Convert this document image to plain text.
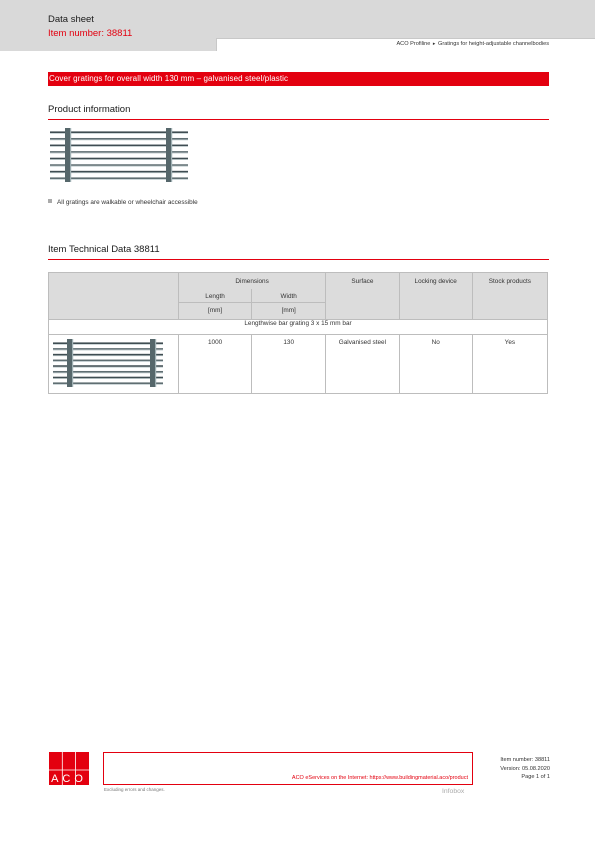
Data sheet
Item number: 38811
ACO Profiline ▸ Gratings for height-adjustable channelbodies
Cover gratings for overall width 130 mm – galvanised steel/plastic
Product information
All gratings are walkable or wheelchair accessible
Item Technical Data 38811
	Dimensions		Surface	Locking device	Stock products
	Length	Width			
	[mm]	[mm]			
Lengthwise bar grating 3 x 15 mm bar					

	1000	130	Galvanised steel	No	Yes
ACO	ACO eServices on the Internet: https://www.buildingmaterial.aco/product
Excluding errors and changes.	Infobox
Item number: 38811
Version: 05.08.2020
Page 1 of 1
